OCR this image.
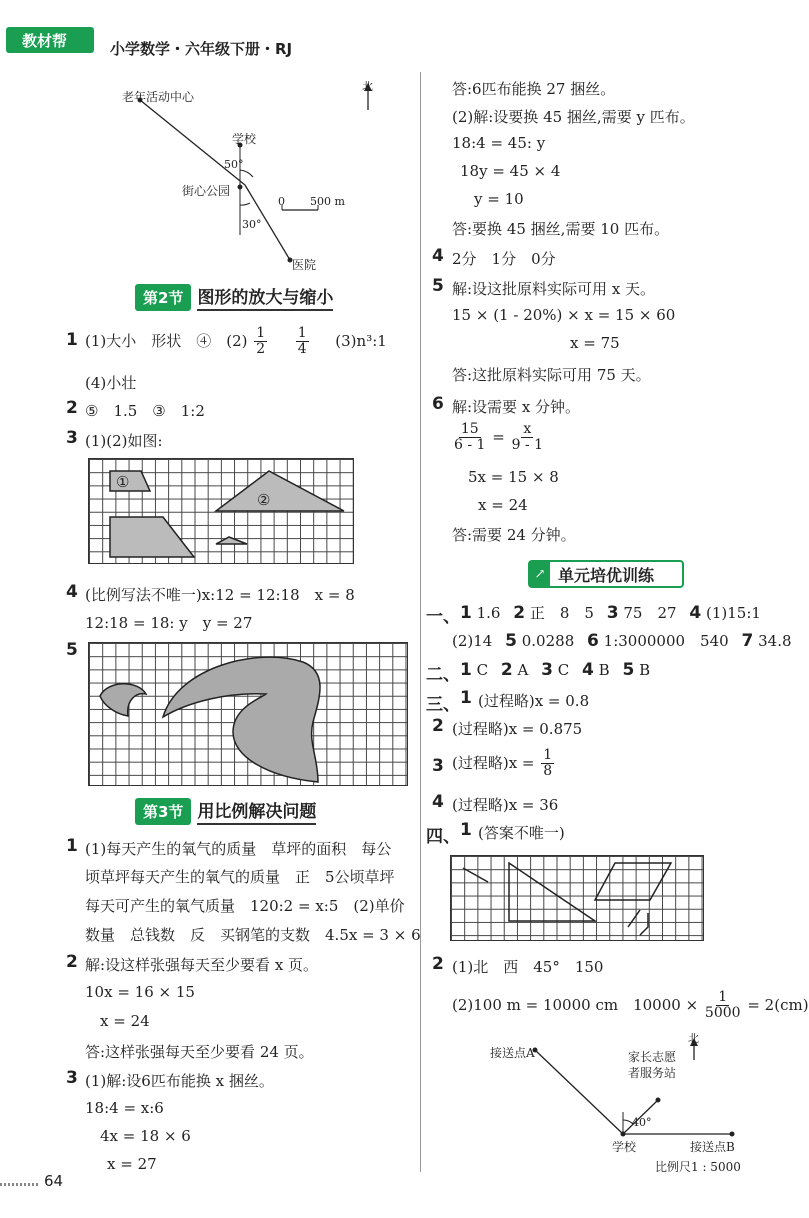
教材帮	小学数学・六年级下册・RJ
北
老年活动中心
学校
50°
街心公园
0 500 m
30°
医院
第2节 图形的放大与缩小
1 (1)大小　形状　④　$(2) \frac{1}{2}$
　 $\frac{1}{4}$
　 (3)n³:1
(4)小壮
2 ⑤　1.5　③　1:2
3 (1)(2)如图:
①
②
4 (比例写法不唯一)x:12 = 12:18　x = 8
12:18 = 18: y　y = 27
5
第3节 用比例解决问题
1 (1)每天产生的氧气的质量　草坪的面积　每公
顷草坪每天产生的氧气的质量　正　5公顷草坪
每天可产生的氧气质量　120:2 = x:5　(2)单价
数量　总钱数　反　买钢笔的支数　4.5x = 3 × 6
2 解:设这样张强每天至少要看 x 页。
10x = 16 × 15
x = 24
答:这样张强每天至少要看 24 页。
3 (1)解:设6匹布能换 x 捆丝。
18:4 = x:6
4x = 18 × 6
x = 27
64
答:6匹布能换 27 捆丝。
(2)解:设要换 45 捆丝,需要 y 匹布。
18:4 = 45: y
18y = 45 × 4
y = 10
答:要换 45 捆丝,需要 10 匹布。
4 2分　1分　0分
5 解:设这批原料实际可用 x 天。
15 × (1 - 20%) × x = 15 × 60
x = 75
答:这批原料实际可用 75 天。
6 解:设需要 x 分钟。
$\frac{15}{6 - 1} = \frac{x}{9 - 1}$
5x = 15 × 8
x = 24
答:需要 24 分钟。
↗ 单元培优训练
一、 1 1.6 2 正　8　5 3 75　27 4 (1)15:1
(2)14 5 0.0288 6 1:3000000　540 7 34.8
二、 1 C 2 A 3 C 4 B 5 B
三、 1 (过程略)x = 0.8
2 (过程略)x = 0.875
3 (过程略)$x = \frac{1}{8}$
4 (过程略)x = 36
四、 1 (答案不唯一)
2 (1)北　西　45°　150
(2)100 m = 10000 cm　$10000 \times \frac{1}{5000} = 2(cm)$
北
接送点A	家长志愿
者服务站
40°
学校	接送点B
比例尺1 : 5000
